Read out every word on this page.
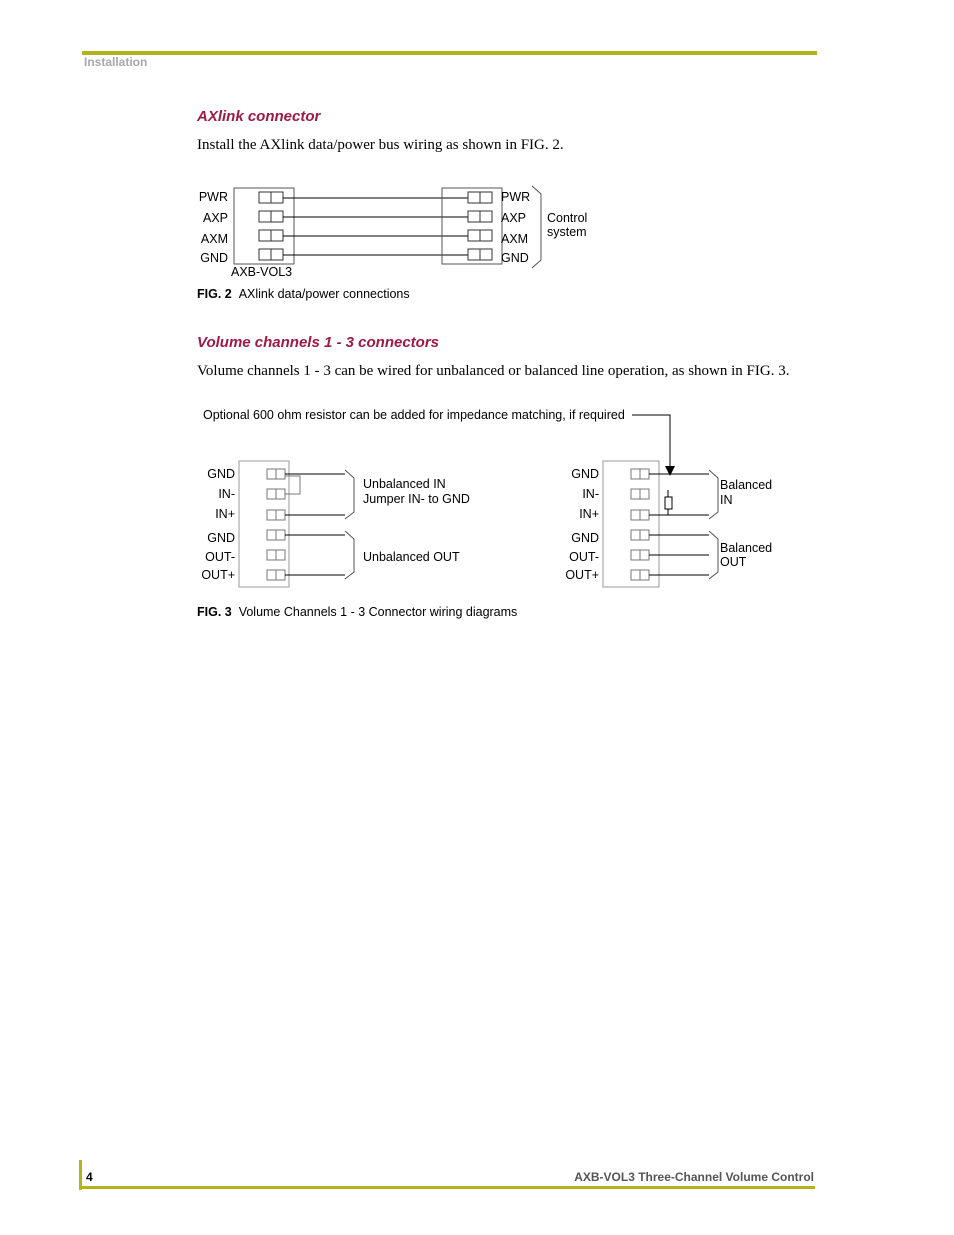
Installation
AXlink connector
Install the AXlink data/power bus wiring as shown in FIG. 2.
PWR
AXP
AXM
GND
AXB-VOL3
PWR
AXP
AXM
GND
Control
system
FIG. 2 AXlink data/power connections
Volume channels 1 - 3 connectors
Volume channels 1 - 3 can be wired for unbalanced or balanced line operation, as shown in FIG. 3.
Optional 600 ohm resistor can be added for impedance matching, if required
GND
IN-
IN+
GND
OUT-
OUT+
Unbalanced IN
Jumper IN- to GND
Unbalanced OUT
GND
IN-
IN+
GND
OUT-
OUT+
Balanced
IN
Balanced
OUT
FIG. 3 Volume Channels 1 - 3 Connector wiring diagrams
4	AXB-VOL3 Three-Channel Volume Control
